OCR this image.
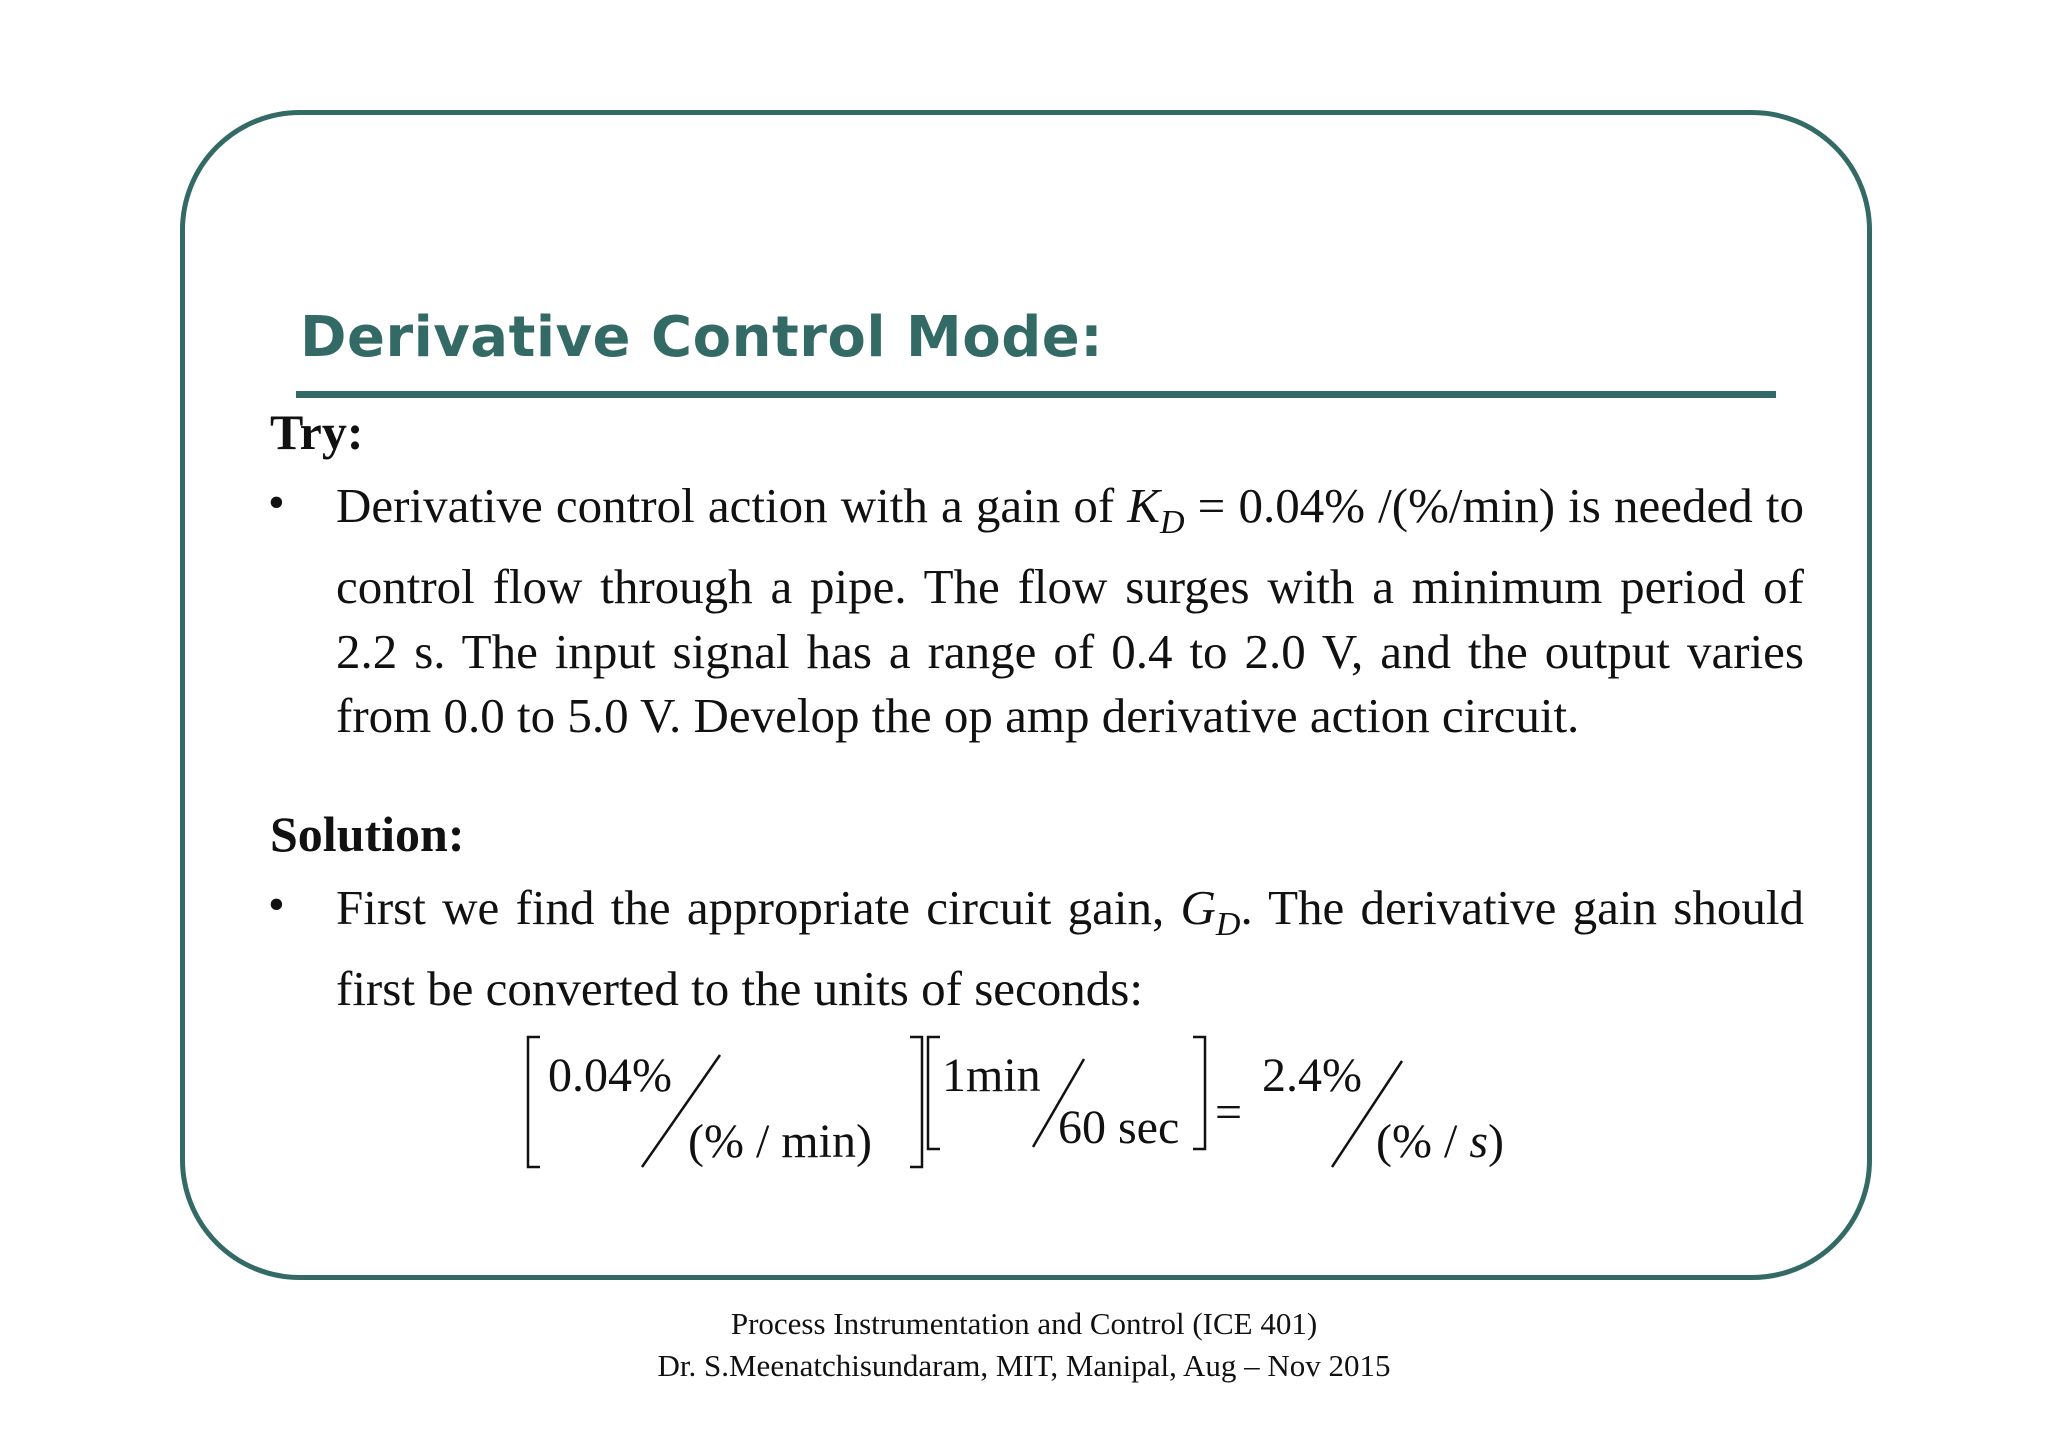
Derivative Control Mode:
Try:
• Derivative control action with a gain of $K_D = 0.04\%$ /(%/min) is needed to control flow through a pipe. The flow surges with a minimum period of 2.2 s. The input signal has a range of 0.4 to 2.0 V, and the output varies from 0.0 to 5.0 V. Develop the op amp derivative action circuit.
Solution:
• First we find the appropriate circuit gain, $G_D$. The derivative gain should first be converted to the units of seconds:
0.04%
(% / min)
1min
60 sec =
2.4%
(% / s)
Process Instrumentation and Control (ICE 401)
Dr. S.Meenatchisundaram, MIT, Manipal, Aug – Nov 2015
